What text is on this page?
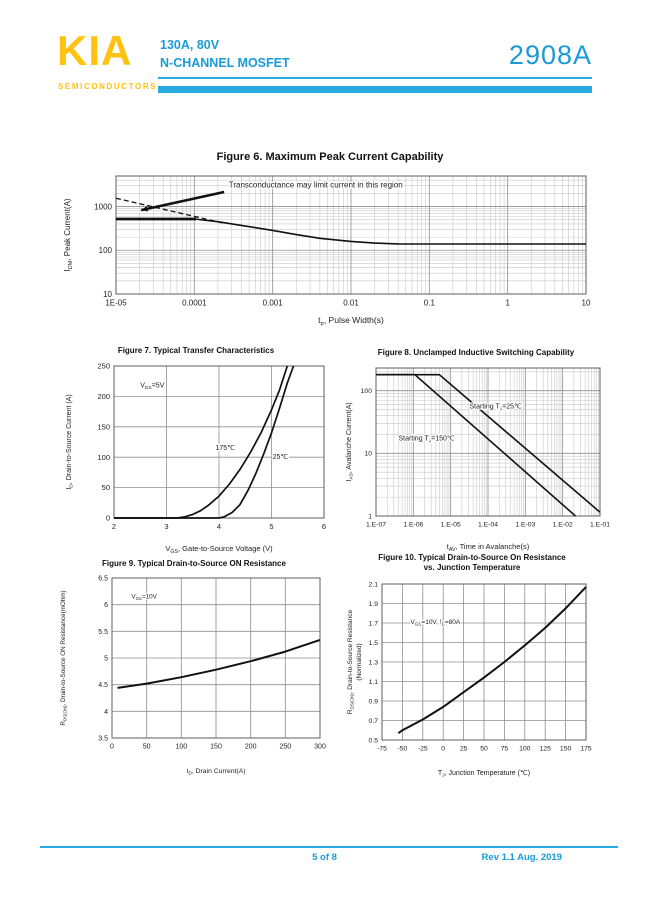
KIA
SEMICONDUCTORS
130A, 80V
N-CHANNEL MOSFET	2908A
Figure 6. Maximum Peak Current Capability
Transconductance may limit current in this region
1E-05	0.0001	0.001	0.01	0.1	1	10
10
100
1000
$t_p$, Pulse Width(s)
$I_{DM}$, Peak Current(A)
Figure 7. Typical Transfer Characteristics
$V_{DS}=5V$
175℃
25℃
2	3	4	5	6
0
50
100
150
200
250
$V_{GS}$, Gate-to-Source Voltage (V)
$I_D$, Drain-to-Source Current (A)
Figure 8. Unclamped Inductive Switching Capability
Starting $T_J=25℃$
Starting $T_J=150℃$
1.E-07	1.E-06	1.E-05	1.E-04	1.E-03	1.E-02	1.E-01
1
10
100
$t_{AV}$, Time in Avalanche(s)
$I_{AS}$, Avalanche Current(A)
Figure 9. Typical Drain-to-Source ON Resistance
$V_{GS}=10V$
0	50	100	150	200	250	300
3.5
4
4.5
5
5.5
6
6.5
$I_D$, Drain Current(A)
$R_{DS(ON)}$, Drain-to-Source ON Resistance(mOhm)
Figure 10. Typical Drain-to-Source On Resistance
vs. Junction Temperature
$V_{GS}=10V$, $I_D=80A$
-75 -50 -25 0 25 50 75 100 125 150 175
0.5
0.7
0.9
1.1
1.3
1.5
1.7
1.9
2.1
$T_J$, Junction Temperature (℃)
$R_{DS(ON)}$, Drain-to-Source Resistance (Normalized)
5 of 8	Rev 1.1 Aug. 2019
